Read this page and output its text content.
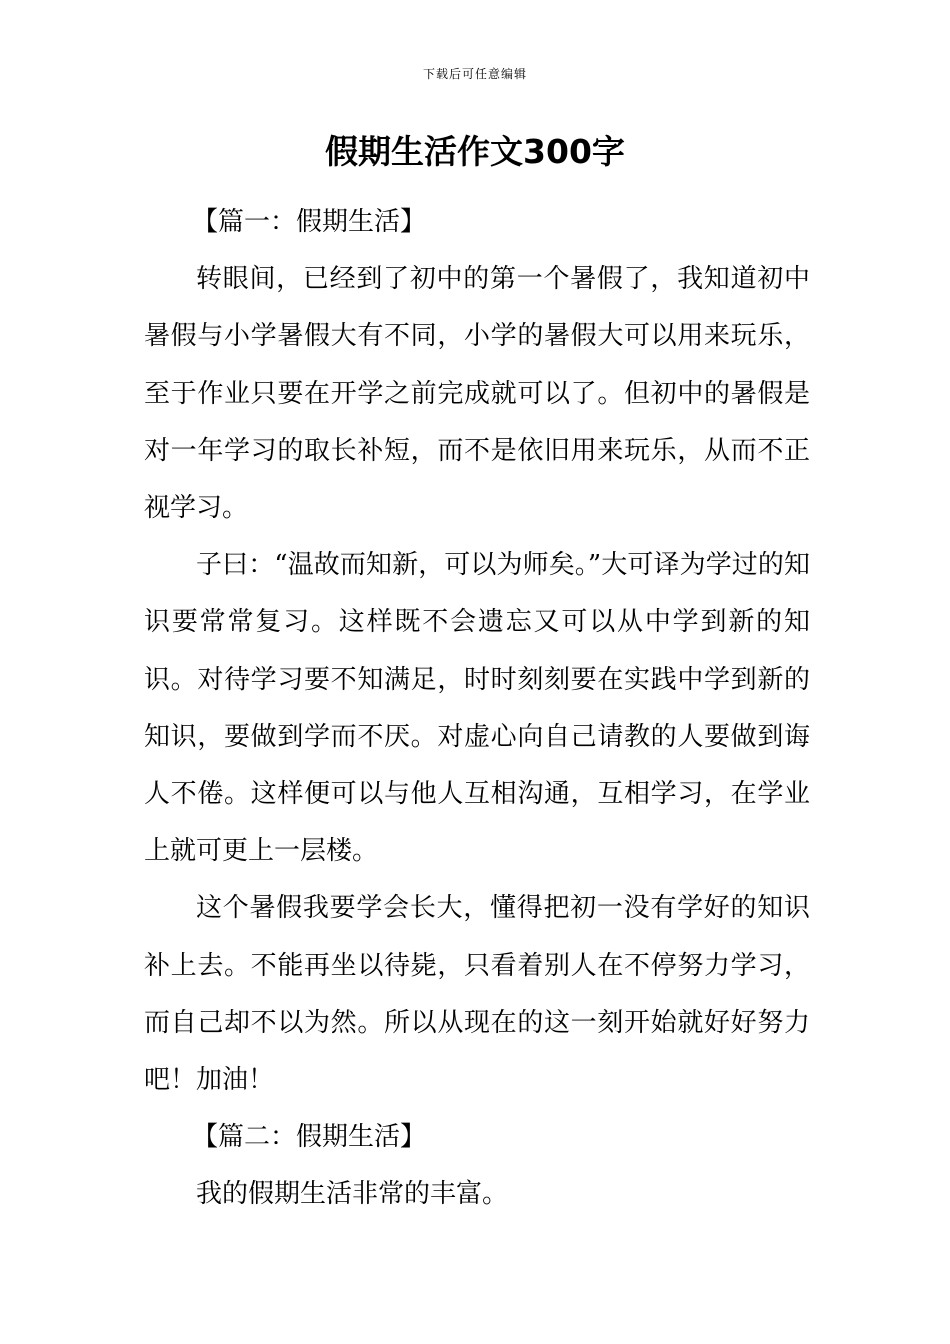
下载后可任意编辑
假期生活作文300字

【篇一：假期生活】

转眼间，已经到了初中的第一个暑假了，我知道初中暑假与小学暑假大有不同，小学的暑假大可以用来玩乐，至于作业只要在开学之前完成就可以了。但初中的暑假是对一年学习的取长补短，而不是依旧用来玩乐，从而不正视学习。

子曰：“温故而知新，可以为师矣。”大可译为学过的知识要常常复习。这样既不会遗忘又可以从中学到新的知识。对待学习要不知满足，时时刻刻要在实践中学到新的知识，要做到学而不厌。对虚心向自己请教的人要做到诲人不倦。这样便可以与他人互相沟通，互相学习，在学业上就可更上一层楼。

这个暑假我要学会长大，懂得把初一没有学好的知识补上去。不能再坐以待毙，只看着别人在不停努力学习，而自己却不以为然。所以从现在的这一刻开始就好好努力吧！加油！

【篇二：假期生活】

我的假期生活非常的丰富。
